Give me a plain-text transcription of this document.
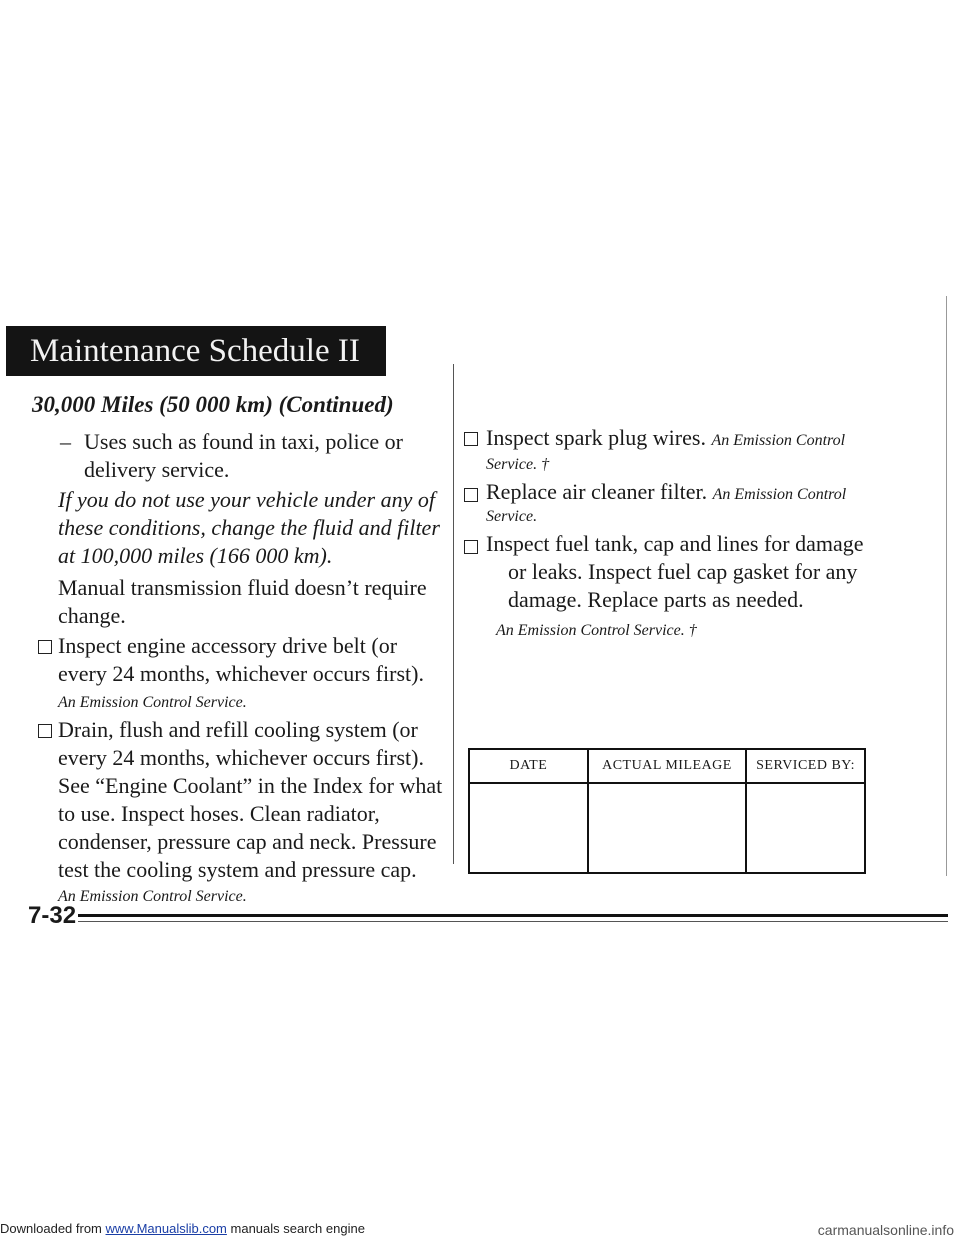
Maintenance Schedule II
30,000 Miles (50 000 km) (Continued)
– Uses such as found in taxi, police or
delivery service.
If you do not use your vehicle under any of
these conditions, change the fluid and filter
at 100,000 miles (166 000 km).
Manual transmission fluid doesn’t require
change.
Inspect engine accessory drive belt (or
every 24 months, whichever occurs first).
An Emission Control Service.
Drain, flush and refill cooling system (or
every 24 months, whichever occurs first).
See “Engine Coolant” in the Index for what
to use. Inspect hoses. Clean radiator,
condenser, pressure cap and neck. Pressure
test the cooling system and pressure cap.
Inspect spark plug wires. An Emission Control
Service. †
Replace air cleaner filter. An Emission Control
Service.
Inspect fuel tank, cap and lines for damage
or leaks. Inspect fuel cap gasket for any
damage. Replace parts as needed.
An Emission Control Service. †
DATE	ACTUAL MILEAGE	SERVICED BY:

An Emission Control Service.
7-32
Downloaded from www.Manualslib.com manuals search engine	carmanualsonline.info
